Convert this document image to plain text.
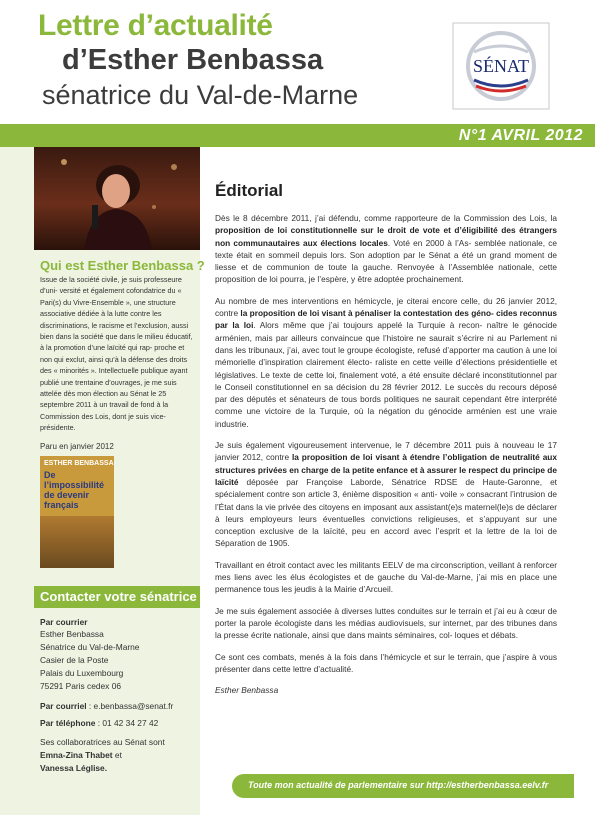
Lettre d’actualité
d’Esther Benbassa
sénatrice du Val-de-Marne
SÉNAT
N°1 AVRIL 2012
Qui est Esther Benbassa ?
Issue de la société civile, je suis professeure d’uni- versité et également cofondatrice du « Pari(s) du Vivre-Ensemble », une structure associative dédiée à la lutte contre les discriminations, le racisme et l’exclusion, aussi bien dans la société que dans le milieu éducatif, à la promotion d’une laïcité qui rap- proche et non qui exclut, ainsi qu’à la défense des droits des « minorités ». Intellectuelle publique ayant publié une trentaine d’ouvrages, je me suis attelée dès mon élection au Sénat le 25 septembre 2011 à un travail de fond à la Commission des Lois, dont je suis vice-présidente.
Paru en janvier 2012
ESTHER BENBASSA
De l’impossibilité de devenir français
Contacter votre sénatrice
Par courrier
Esther Benbassa
Sénatrice du Val-de-Marne
Casier de la Poste
Palais du Luxembourg
75291 Paris cedex 06
Par courriel : e.benbassa@senat.fr
Par téléphone : 01 42 34 27 42
Ses collaboratrices au Sénat sont
Emna-Zina Thabet et
Vanessa Léglise.
Éditorial

Dès le 8 décembre 2011, j’ai défendu, comme rapporteure de la Commission des Lois, la proposition de loi constitutionnelle sur le droit de vote et d’éligibilité des étrangers non communautaires aux élections locales. Voté en 2000 à l’As- semblée nationale, ce texte était en sommeil depuis lors. Son adoption par le Sénat a été un grand moment de liesse et de communion de toute la gauche. Renvoyée à l’Assemblée nationale, cette proposition de loi pourra, je l’espère, y être adoptée prochainement.

Au nombre de mes interventions en hémicycle, je citerai encore celle, du 26 janvier 2012, contre la proposition de loi visant à pénaliser la contestation des géno- cides reconnus par la loi. Alors même que j’ai toujours appelé la Turquie à recon- naître le génocide arménien, mais par ailleurs convaincue que l’histoire ne saurait s’écrire ni au Parlement ni dans les tribunaux, j’ai, avec tout le groupe écologiste, refusé d’apporter ma caution à une loi mémorielle d’inspiration clairement électo- raliste en cette veille d’élections présidentielle et législatives. Le texte de cette loi, finalement voté, a été ensuite déclaré inconstitutionnel par le Conseil constitutionnel en sa décision du 28 février 2012. Le succès du recours déposé par des députés et sénateurs de tous bords politiques ne saurait cependant être interprété comme une victoire de la Turquie, où la négation du génocide arménien est une vraie industrie.

Je suis également vigoureusement intervenue, le 7 décembre 2011 puis à nouveau le 17 janvier 2012, contre la proposition de loi visant à étendre l’obligation de neutralité aux structures privées en charge de la petite enfance et à assurer le respect du principe de laïcité déposée par Françoise Laborde, Sénatrice RDSE de Haute-Garonne, et spécialement contre son article 3, énième disposition « anti- voile » consacrant l’intrusion de l’État dans la vie privée des citoyens en imposant aux assistant(e)s maternel(le)s de déclarer à leurs employeurs leurs éventuelles convictions religieuses, et s’appuyant sur une conception exclusive de la laïcité, peu en accord avec l’esprit et la lettre de la loi de Séparation de 1905.

Travaillant en étroit contact avec les militants EELV de ma circonscription, veillant à renforcer mes liens avec les élus écologistes et de gauche du Val-de-Marne, j’ai mis en place une permanence tous les jeudis à la Mairie d’Arcueil.

Je me suis également associée à diverses luttes conduites sur le terrain et j’ai eu à cœur de porter la parole écologiste dans les médias audiovisuels, sur internet, par des tribunes dans la presse écrite nationale, ainsi que dans maints séminaires, col- loques et débats.

Ce sont ces combats, menés à la fois dans l’hémicycle et sur le terrain, que j’aspire à vous présenter dans cette lettre d’actualité.

Esther Benbassa

Toute mon actualité de parlementaire sur http://estherbenbassa.eelv.fr
